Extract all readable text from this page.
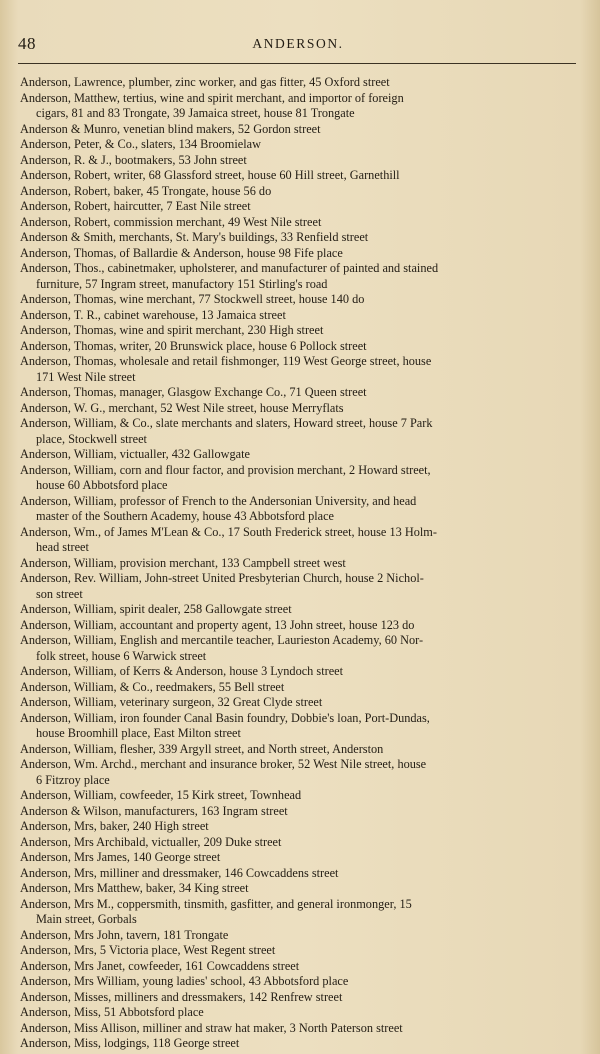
48	ANDERSON.
Anderson, Lawrence, plumber, zinc worker, and gas fitter, 45 Oxford street
Anderson, Matthew, tertius, wine and spirit merchant, and importor of foreign
cigars, 81 and 83 Trongate, 39 Jamaica street, house 81 Trongate
Anderson & Munro, venetian blind makers, 52 Gordon street
Anderson, Peter, & Co., slaters, 134 Broomielaw
Anderson, R. & J., bootmakers, 53 John street
Anderson, Robert, writer, 68 Glassford street, house 60 Hill street, Garnethill
Anderson, Robert, baker, 45 Trongate, house 56 do
Anderson, Robert, haircutter, 7 East Nile street
Anderson, Robert, commission merchant, 49 West Nile street
Anderson & Smith, merchants, St. Mary's buildings, 33 Renfield street
Anderson, Thomas, of Ballardie & Anderson, house 98 Fife place
Anderson, Thos., cabinetmaker, upholsterer, and manufacturer of painted and stained
furniture, 57 Ingram street, manufactory 151 Stirling's road
Anderson, Thomas, wine merchant, 77 Stockwell street, house 140 do
Anderson, T. R., cabinet warehouse, 13 Jamaica street
Anderson, Thomas, wine and spirit merchant, 230 High street
Anderson, Thomas, writer, 20 Brunswick place, house 6 Pollock street
Anderson, Thomas, wholesale and retail fishmonger, 119 West George street, house
171 West Nile street
Anderson, Thomas, manager, Glasgow Exchange Co., 71 Queen street
Anderson, W. G., merchant, 52 West Nile street, house Merryflats
Anderson, William, & Co., slate merchants and slaters, Howard street, house 7 Park
place, Stockwell street
Anderson, William, victualler, 432 Gallowgate
Anderson, William, corn and flour factor, and provision merchant, 2 Howard street,
house 60 Abbotsford place
Anderson, William, professor of French to the Andersonian University, and head
master of the Southern Academy, house 43 Abbotsford place
Anderson, Wm., of James M'Lean & Co., 17 South Frederick street, house 13 Holm-
head street
Anderson, William, provision merchant, 133 Campbell street west
Anderson, Rev. William, John-street United Presbyterian Church, house 2 Nichol-
son street
Anderson, William, spirit dealer, 258 Gallowgate street
Anderson, William, accountant and property agent, 13 John street, house 123 do
Anderson, William, English and mercantile teacher, Laurieston Academy, 60 Nor-
folk street, house 6 Warwick street
Anderson, William, of Kerrs & Anderson, house 3 Lyndoch street
Anderson, William, & Co., reedmakers, 55 Bell street
Anderson, William, veterinary surgeon, 32 Great Clyde street
Anderson, William, iron founder Canal Basin foundry, Dobbie's loan, Port-Dundas,
house Broomhill place, East Milton street
Anderson, William, flesher, 339 Argyll street, and North street, Anderston
Anderson, Wm. Archd., merchant and insurance broker, 52 West Nile street, house
6 Fitzroy place
Anderson, William, cowfeeder, 15 Kirk street, Townhead
Anderson & Wilson, manufacturers, 163 Ingram street
Anderson, Mrs, baker, 240 High street
Anderson, Mrs Archibald, victualler, 209 Duke street
Anderson, Mrs James, 140 George street
Anderson, Mrs, milliner and dressmaker, 146 Cowcaddens street
Anderson, Mrs Matthew, baker, 34 King street
Anderson, Mrs M., coppersmith, tinsmith, gasfitter, and general ironmonger, 15
Main street, Gorbals
Anderson, Mrs John, tavern, 181 Trongate
Anderson, Mrs, 5 Victoria place, West Regent street
Anderson, Mrs Janet, cowfeeder, 161 Cowcaddens street
Anderson, Mrs William, young ladies' school, 43 Abbotsford place
Anderson, Misses, milliners and dressmakers, 142 Renfrew street
Anderson, Miss, 51 Abbotsford place
Anderson, Miss Allison, milliner and straw hat maker, 3 North Paterson street
Anderson, Miss, lodgings, 118 George street
